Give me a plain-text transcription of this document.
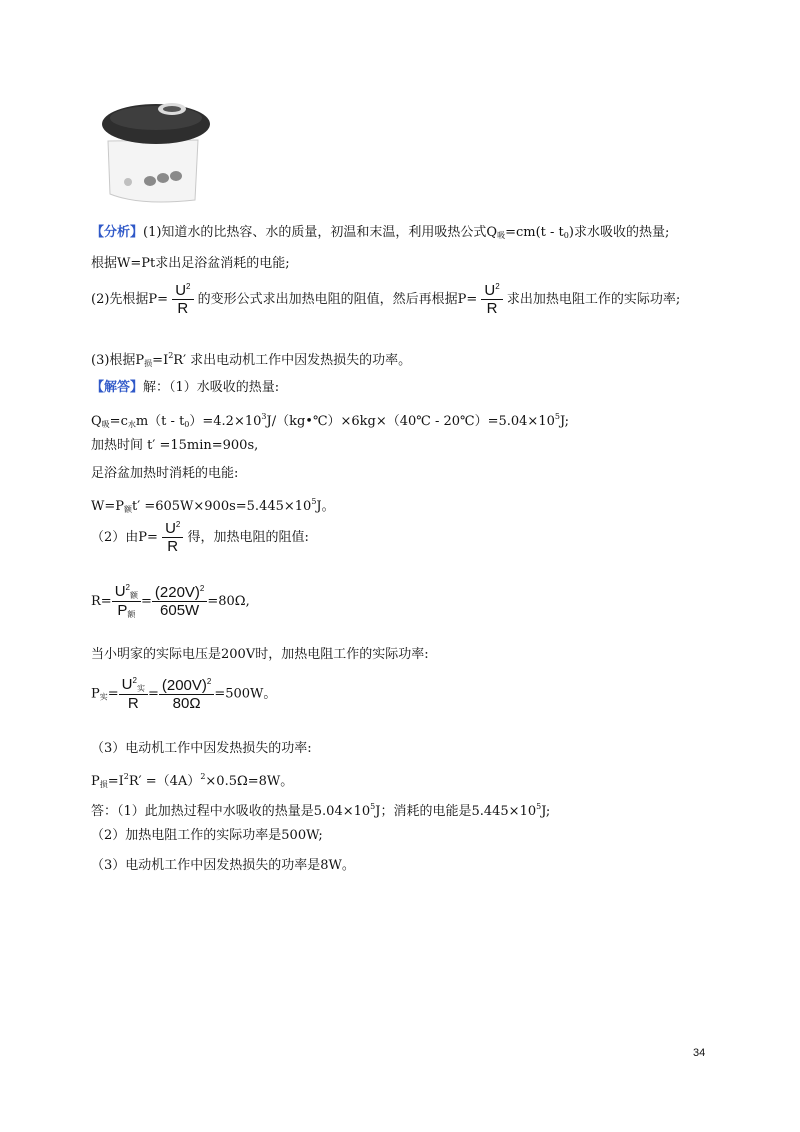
【分析】(1)知道水的比热容、水的质量，初温和末温，利用吸热公式$Q_吸=cm(t - t_0)$求水吸收的热量;
根据W=Pt求出足浴盆消耗的电能;
(2)先根据$P= \frac{U^2}{R}$ 的变形公式求出加热电阻的阻值，然后再根据$P= \frac{U^2}{R}$ 求出加热电阻工作的实际功率;
(3)根据$P_损=I^2R'$ 求出电动机工作中因发热损失的功率。
【解答】解：（1）水吸收的热量:
$Q_吸=c_水m(t$ - $t_0)=4.2\times 10^3J/(kg•℃)\times 6kg\times(40℃$ - $20℃)=5.04\times 10^5J$;
加热时间 t′ =15min=900s,
足浴盆加热时消耗的电能:
$W=P_额t' =605W\times 900s=5.445\times 10^5J$。
（2）由$P= \frac{U^2}{R}$ 得，加热电阻的阻值:
$R= \frac{U^2_额}{P_额} = \frac{(220V)^2}{605W} =80\Omega$,
当小明家的实际电压是200V时，加热电阻工作的实际功率:
$P_实= \frac{U^2_实}{R} = \frac{(200V)^2}{80\Omega} =500W$。
（3）电动机工作中因发热损失的功率:
$P_损=I^2R' =(4A)^2\times 0.5\Omega=8W$。
答：（1）此加热过程中水吸收的热量是$5.04\times 10^5J$；消耗的电能是$5.445\times 10^5J$;
（2）加热电阻工作的实际功率是500W;
（3）电动机工作中因发热损失的功率是8W。
34
